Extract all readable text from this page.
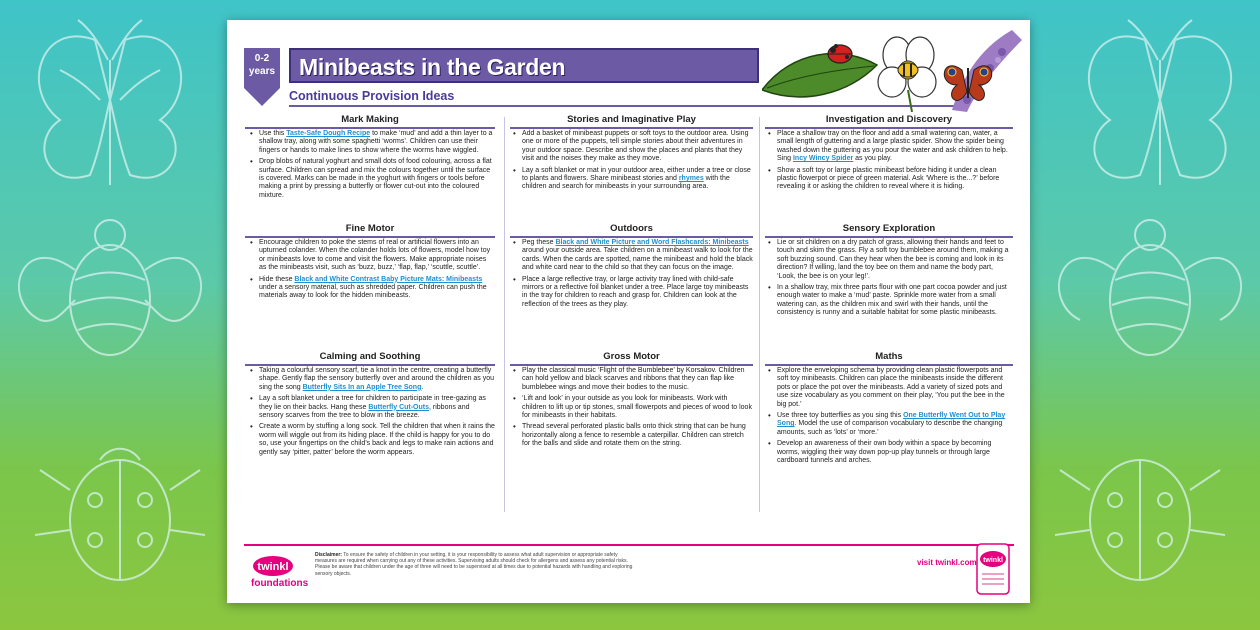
0-2
years Minibeasts in the Garden
Continuous Provision Ideas
Mark Making
• Use this Taste-Safe Dough Recipe to make ‘mud’ and add a thin layer to a shallow tray, along with some spaghetti ‘worms’. Children can use their fingers or hands to make lines to show where the worms have wiggled.
• Drop blobs of natural yoghurt and small dots of food colouring, across a flat surface. Children can spread and mix the colours together until the surface is covered. Marks can be made in the yoghurt with fingers or tools before making a print by pressing a butterfly or flower cut-out into the coloured mixture.
Stories and Imaginative Play
• Add a basket of minibeast puppets or soft toys to the outdoor area. Using one or more of the puppets, tell simple stories about their adventures in your outdoor space. Describe and show the places and plants that they visit and the noises they make as they move.
• Lay a soft blanket or mat in your outdoor area, either under a tree or close to plants and flowers. Share minibeast stories and rhymes with the children and search for minibeasts in your surrounding area.
Investigation and Discovery
• Place a shallow tray on the floor and add a small watering can, water, a small length of guttering and a large plastic spider. Show the spider being washed down the guttering as you pour the water and ask children to help. Sing Incy Wincy Spider as you play.
• Show a soft toy or large plastic minibeast before hiding it under a clean plastic flowerpot or piece of green material. Ask ‘Where is the...?’ before revealing it or asking the children to reveal where it is hiding.
Fine Motor
• Encourage children to poke the stems of real or artificial flowers into an upturned colander. When the colander holds lots of flowers, model how toy or minibeasts love to come and visit the flowers. Make appropriate noises as the minibeasts visit, such as ‘buzz, buzz,’ ‘flap, flap,’ ‘scuttle, scuttle’.
• Hide these Black and White Contrast Baby Picture Mats: Minibeasts under a sensory material, such as shredded paper. Children can push the materials away to look for the hidden minibeasts.
Outdoors
• Peg these Black and White Picture and Word Flashcards: Minibeasts around your outside area. Take children on a minibeast walk to look for the cards. When the cards are spotted, name the minibeast and hold the black and white card near to the child so that they can focus on the image.
• Place a large reflective tray, or large activity tray lined with child-safe mirrors or a reflective foil blanket under a tree. Place large toy minibeasts in the tray for children to reach and grasp for. Children can look at the reflection of the trees as they play.
Sensory Exploration
• Lie or sit children on a dry patch of grass, allowing their hands and feet to touch and skim the grass. Fly a soft toy bumblebee around them, making a soft buzzing sound. Can they hear when the bee is coming and look in its direction? If willing, land the toy bee on them and name the body part, ‘Look, the bee is on your leg!’.
• In a shallow tray, mix three parts flour with one part cocoa powder and just enough water to make a ‘mud’ paste. Sprinkle more water from a small watering can, as the children mix and swirl with their hands, until the consistency is runny and a suitable habitat for some plastic minibeasts.
Calming and Soothing
• Taking a colourful sensory scarf, tie a knot in the centre, creating a butterfly shape. Gently flap the sensory butterfly over and around the children as you sing the song Butterfly Sits In an Apple Tree Song.
• Lay a soft blanket under a tree for children to participate in tree-gazing as they lie on their backs. Hang these Butterfly Cut-Outs, ribbons and sensory scarves from the tree to blow in the breeze.
• Create a worm by stuffing a long sock. Tell the children that when it rains the worm will wiggle out from its hiding place. If the child is happy for you to do so, use your fingertips on the child’s back and legs to make rain actions and gently say ‘pitter, patter’ before the worm appears.
Gross Motor
• Play the classical music ‘Flight of the Bumblebee’ by Korsakov. Children can hold yellow and black scarves and ribbons that they can flap like bumblebee wings and move their bodies to the music.
• ‘Lift and look’ in your outside as you look for minibeasts. Work with children to lift up or tip stones, small flowerpots and pieces of wood to look for minibeasts in their habitats.
• Thread several perforated plastic balls onto thick string that can be hung horizontally along a fence to resemble a caterpillar. Children can stretch for the balls and slide and rotate them on the string.
Maths
• Explore the enveloping schema by providing clean plastic flowerpots and soft toy minibeasts. Children can place the minibeasts inside the different pots or place the pot over the minibeasts. Add a variety of sized pots and use size vocabulary as you comment on their play, ‘You put the bee in the big pot.’
• Use three toy butterflies as you sing this One Butterfly Went Out to Play Song. Model the use of comparison vocabulary to describe the changing amounts, such as ‘lots’ or ‘more.’
• Develop an awareness of their own body within a space by becoming worms, wiggling their way down pop-up play tunnels or through large cardboard tunnels and arches.
twinkl
foundations
Disclaimer: To ensure the safety of children in your setting, it is your responsibility to assess what adult supervision or appropriate safety measures are required when carrying out any of these activities. Supervising adults should check for allergens and assess any potential risks. Please be aware that children under the age of three will need to be supervised at all times due to potential hazards with handling and exploring sensory objects.
visit twinkl.com twinkl
